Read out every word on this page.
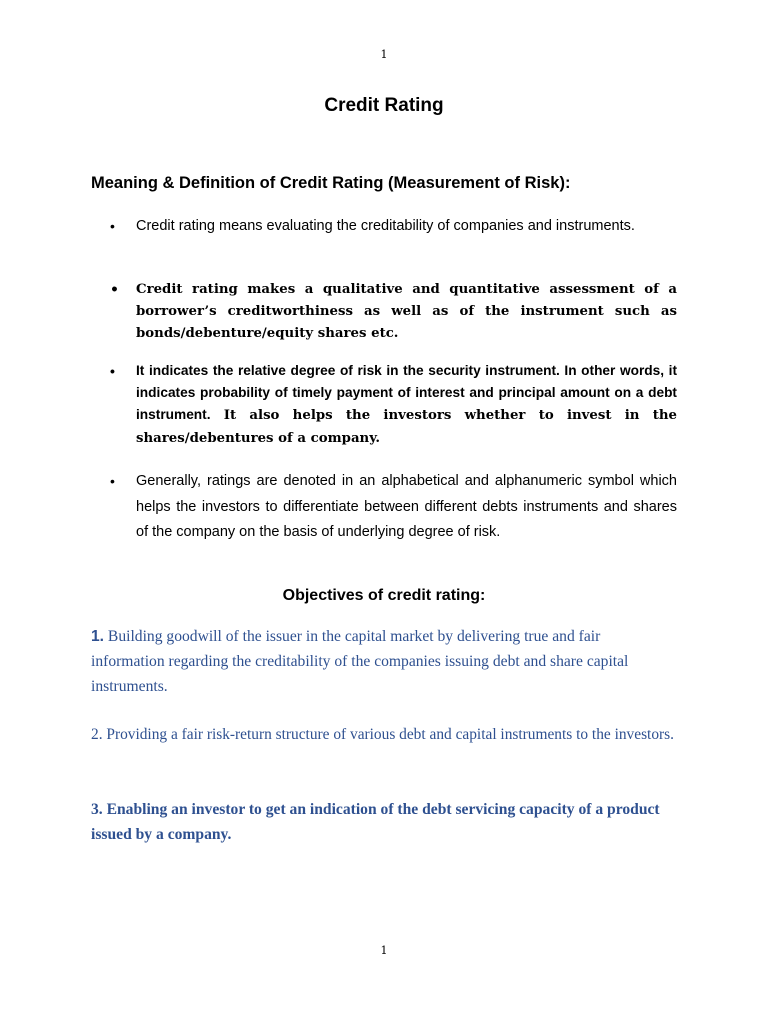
1
Credit Rating
Meaning & Definition of Credit Rating (Measurement of Risk):
• Credit rating means evaluating the creditability of companies and instruments.
• Credit rating makes a qualitative and quantitative assessment of a borrower’s creditworthiness as well as of the instrument such as bonds/debenture/equity shares etc.
• It indicates the relative degree of risk in the security instrument. In other words, it indicates probability of timely payment of interest and principal amount on a debt instrument. It also helps the investors whether to invest in the shares/debentures of a company.
• Generally, ratings are denoted in an alphabetical and alphanumeric symbol which helps the investors to differentiate between different debts instruments and shares of the company on the basis of underlying degree of risk.
Objectives of credit rating:

1. Building goodwill of the issuer in the capital market by delivering true and fair information regarding the creditability of the companies issuing debt and share capital instruments.

2. Providing a fair risk-return structure of various debt and capital instruments to the investors.

3. Enabling an investor to get an indication of the debt servicing capacity of a product issued by a company.

1
